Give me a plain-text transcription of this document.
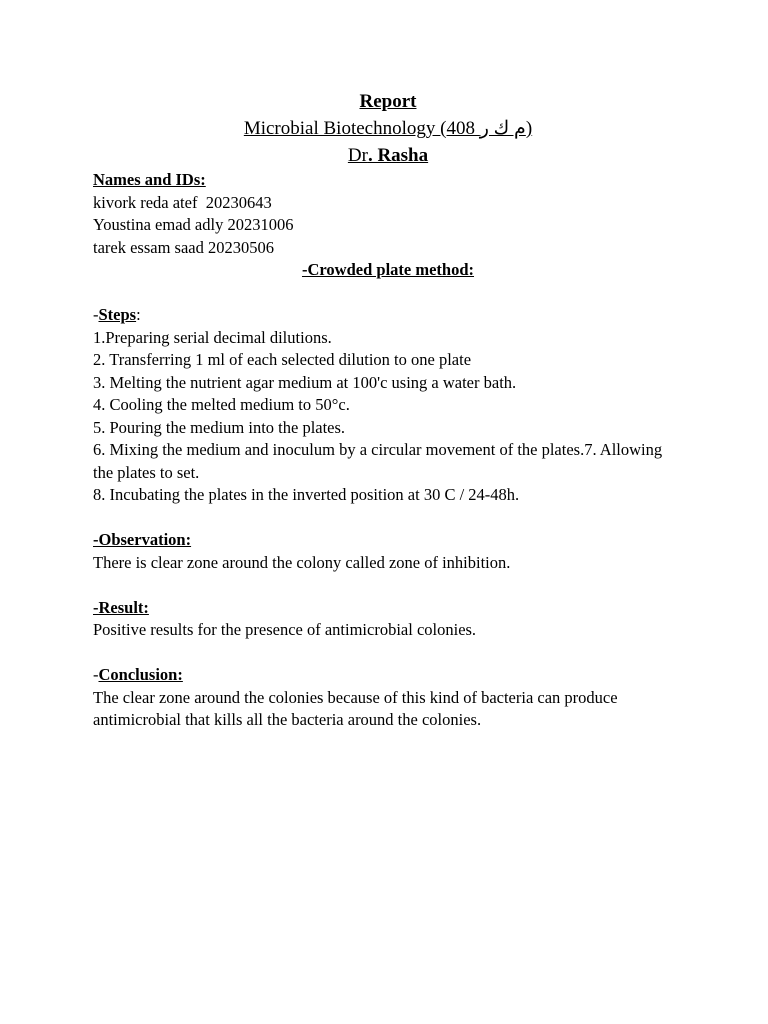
Report
Microbial Biotechnology (408 م ك ر)
Dr. Rasha
Names and IDs:
kivork reda atef  20230643
Youstina emad adly 20231006
tarek essam saad 20230506
-Crowded plate method:
-Steps:
1.Preparing serial decimal dilutions.
2. Transferring 1 ml of each selected dilution to one plate
3. Melting the nutrient agar medium at 100'c using a water bath.
4. Cooling the melted medium to 50°c.
5. Pouring the medium into the plates.
6. Mixing the medium and inoculum by a circular movement of the plates.7. Allowing the plates to set.
8. Incubating the plates in the inverted position at 30 C / 24-48h.
-Observation:
There is clear zone around the colony called zone of inhibition.
-Result:
Positive results for the presence of antimicrobial colonies.
-Conclusion:
The clear zone around the colonies because of this kind of bacteria can produce antimicrobial that kills all the bacteria around the colonies.
